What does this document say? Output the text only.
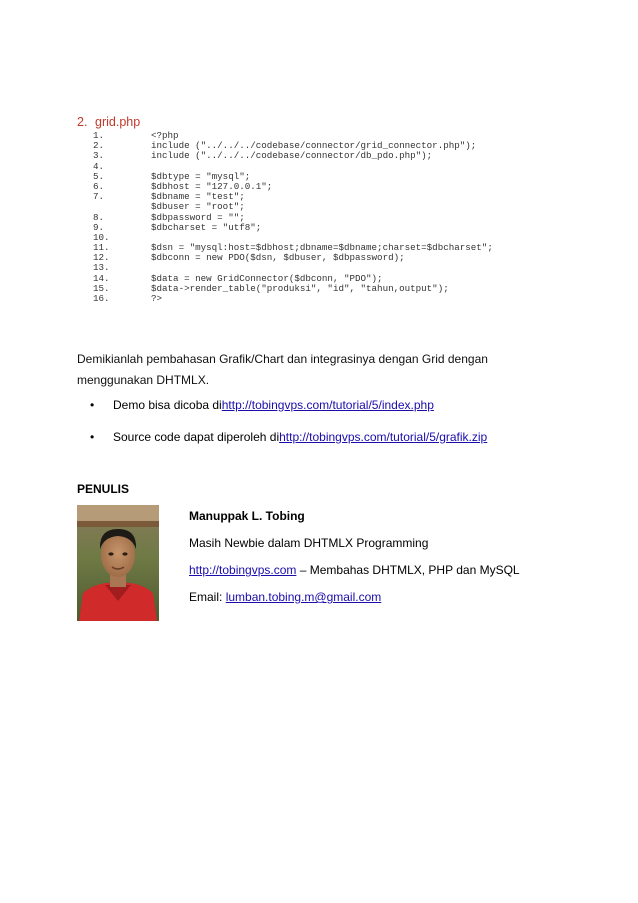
2. grid.php
1.	<?php
2.	include ("../../../codebase/connector/grid_connector.php");
3.	include ("../../../codebase/connector/db_pdo.php");
4.
5.	$dbtype = "mysql";
6.	$dbhost = "127.0.0.1";
7.	$dbname = "test";
$dbuser = "root";
8.	$dbpassword = "";
9.	$dbcharset = "utf8";
10.
11.	$dsn = "mysql:host=$dbhost;dbname=$dbname;charset=$dbcharset";
12.	$dbconn = new PDO($dsn, $dbuser, $dbpassword);
13.
14.	$data = new GridConnector($dbconn, "PDO");
15.	$data->render_table("produksi", "id", "tahun,output");
16.	?>

Demikianlah pembahasan Grafik/Chart dan integrasinya dengan Grid dengan menggunakan DHTMLX.

•	Demo bisa dicoba di http://tobingvps.com/tutorial/5/index.php
•	Source code dapat diperoleh di http://tobingvps.com/tutorial/5/grafik.zip
PENULIS
Manuppak L. Tobing
Masih Newbie dalam DHTMLX Programming
http://tobingvps.com – Membahas DHTMLX, PHP dan MySQL
Email: lumban.tobing.m@gmail.com
